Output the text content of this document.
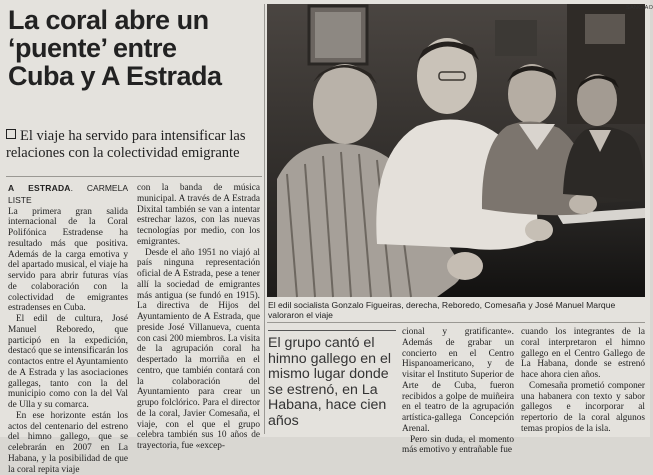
La coral abre un
‘puente’ entre
Cuba y A Estrada
El viaje ha servido para intensificar las relaciones con la colectividad emigrante

A ESTRADA. CARMELA LISTE

La primera gran salida internacional de la Coral Polifónica Estradense ha resultado más que positiva. Además de la carga emotiva y del apartado musical, el viaje ha servido para abrir futuras vías de colaboración con la colectividad de emigrantes estradenses en Cuba.

El edil de cultura, José Manuel Reboredo, que participó en la expedición, destacó que se intensificarán los contactos entre el Ayuntamiento de A Estrada y las asociaciones gallegas, tanto con la del municipio como con la del Val de Ulla y su comarca.

En ese horizonte están los actos del centenario del estreno del himno gallego, que se celebrarán en 2007 en La Habana, y la posibilidad de que la coral repita viaje

con la banda de música municipal. A través de A Estrada Dixital también se van a intentar estrechar lazos, con las nuevas tecnologías por medio, con los emigrantes.

Desde el año 1951 no viajó al país ninguna representación oficial de A Estrada, pese a tener allí la sociedad de emigrantes más antigua (se fundó en 1915). La directiva de Hijos del Ayuntamiento de A Estrada, que preside José Villanueva, cuenta con casi 200 miembros. La visita de la agrupación coral ha despertado la morriña en el centro, que también contará con la colaboración del Ayuntamiento para crear un grupo folclórico. Para el director de la coral, Javier Comesaña, el viaje, con el que el grupo celebra también sus 10 años de trayectoria, fue «excep-

SANGIAO
El edil socialista Gonzalo Figueiras, derecha, Reboredo, Comesaña y José Manuel Marque valoraron el viaje
El grupo cantó el himno gallego en el mismo lugar donde se estrenó, en La Habana, hace cien años

cional y gratificante». Además de grabar un concierto en el Centro Hispanoamericano, y de visitar el Instituto Superior de Arte de Cuba, fueron recibidos a golpe de muiñeira en el teatro de la agrupación artística-gallega Concepción Arenal.

Pero sin duda, el momento más emotivo y entrañable fue

cuando los integrantes de la coral interpretaron el himno gallego en el Centro Gallego de La Habana, donde se estrenó hace ahora cien años.

Comesaña prometió componer una habanera con texto y sabor gallegos e incorporar al repertorio de la coral algunos temas propios de la isla.
